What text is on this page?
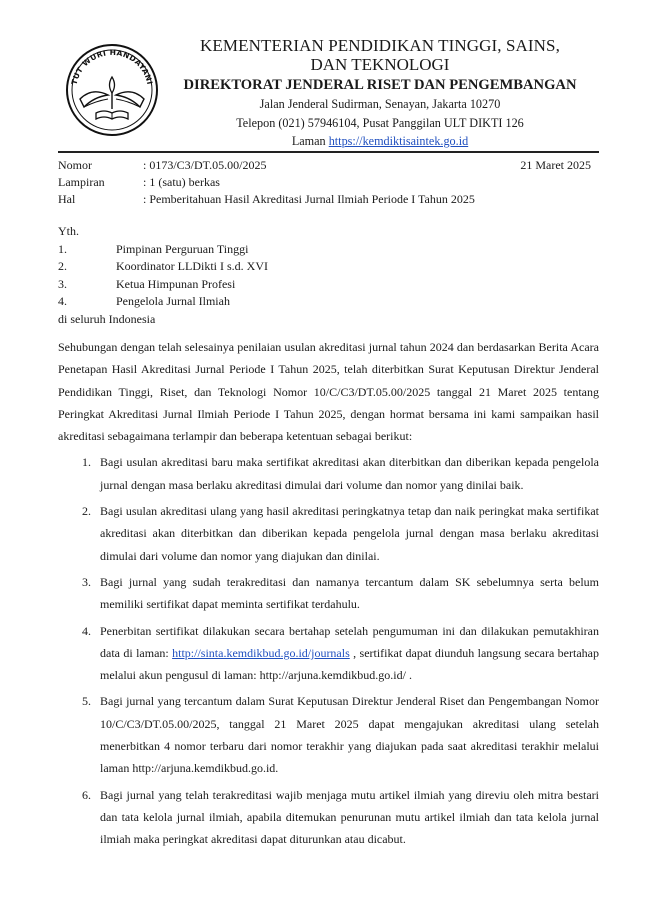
TUT WURI HANDAYANI
KEMENTERIAN PENDIDIKAN TINGGI, SAINS,
DAN TEKNOLOGI
DIREKTORAT JENDERAL RISET DAN PENGEMBANGAN
Jalan Jenderal Sudirman, Senayan, Jakarta 10270
Telepon (021) 57946104, Pusat Panggilan ULT DIKTI 126
Laman https://kemdiktisaintek.go.id
Nomor	: 0173/C3/DT.05.00/2025	21 Maret 2025
Lampiran	: 1 (satu) berkas
Hal	: Pemberitahuan Hasil Akreditasi Jurnal Ilmiah Periode I Tahun 2025
Yth.
1.	Pimpinan Perguruan Tinggi
2.	Koordinator LLDikti I s.d. XVI
3.	Ketua Himpunan Profesi
4.	Pengelola Jurnal Ilmiah
di seluruh Indonesia
Sehubungan dengan telah selesainya penilaian usulan akreditasi jurnal tahun 2024 dan berdasarkan Berita Acara Penetapan Hasil Akreditasi Jurnal Periode I Tahun 2025, telah diterbitkan Surat Keputusan Direktur Jenderal Pendidikan Tinggi, Riset, dan Teknologi Nomor 10/C/C3/DT.05.00/2025 tanggal 21 Maret 2025 tentang Peringkat Akreditasi Jurnal Ilmiah Periode I Tahun 2025, dengan hormat bersama ini kami sampaikan hasil akreditasi sebagaimana terlampir dan beberapa ketentuan sebagai berikut:
1. Bagi usulan akreditasi baru maka sertifikat akreditasi akan diterbitkan dan diberikan kepada pengelola jurnal dengan masa berlaku akreditasi dimulai dari volume dan nomor yang dinilai baik.
2. Bagi usulan akreditasi ulang yang hasil akreditasi peringkatnya tetap dan naik peringkat maka sertifikat akreditasi akan diterbitkan dan diberikan kepada pengelola jurnal dengan masa berlaku akreditasi dimulai dari volume dan nomor yang diajukan dan dinilai.
3. Bagi jurnal yang sudah terakreditasi dan namanya tercantum dalam SK sebelumnya serta belum memiliki sertifikat dapat meminta sertifikat terdahulu.
4. Penerbitan sertifikat dilakukan secara bertahap setelah pengumuman ini dan dilakukan pemutakhiran data di laman: http://sinta.kemdikbud.go.id/journals , sertifikat dapat diunduh langsung secara bertahap melalui akun pengusul di laman: http://arjuna.kemdikbud.go.id/ .
5. Bagi jurnal yang tercantum dalam Surat Keputusan Direktur Jenderal Riset dan Pengembangan Nomor 10/C/C3/DT.05.00/2025, tanggal 21 Maret 2025 dapat mengajukan akreditasi ulang setelah menerbitkan 4 nomor terbaru dari nomor terakhir yang diajukan pada saat akreditasi terakhir melalui laman http://arjuna.kemdikbud.go.id.
6. Bagi jurnal yang telah terakreditasi wajib menjaga mutu artikel ilmiah yang direviu oleh mitra bestari dan tata kelola jurnal ilmiah, apabila ditemukan penurunan mutu artikel ilmiah dan tata kelola jurnal ilmiah maka peringkat akreditasi dapat diturunkan atau dicabut.
